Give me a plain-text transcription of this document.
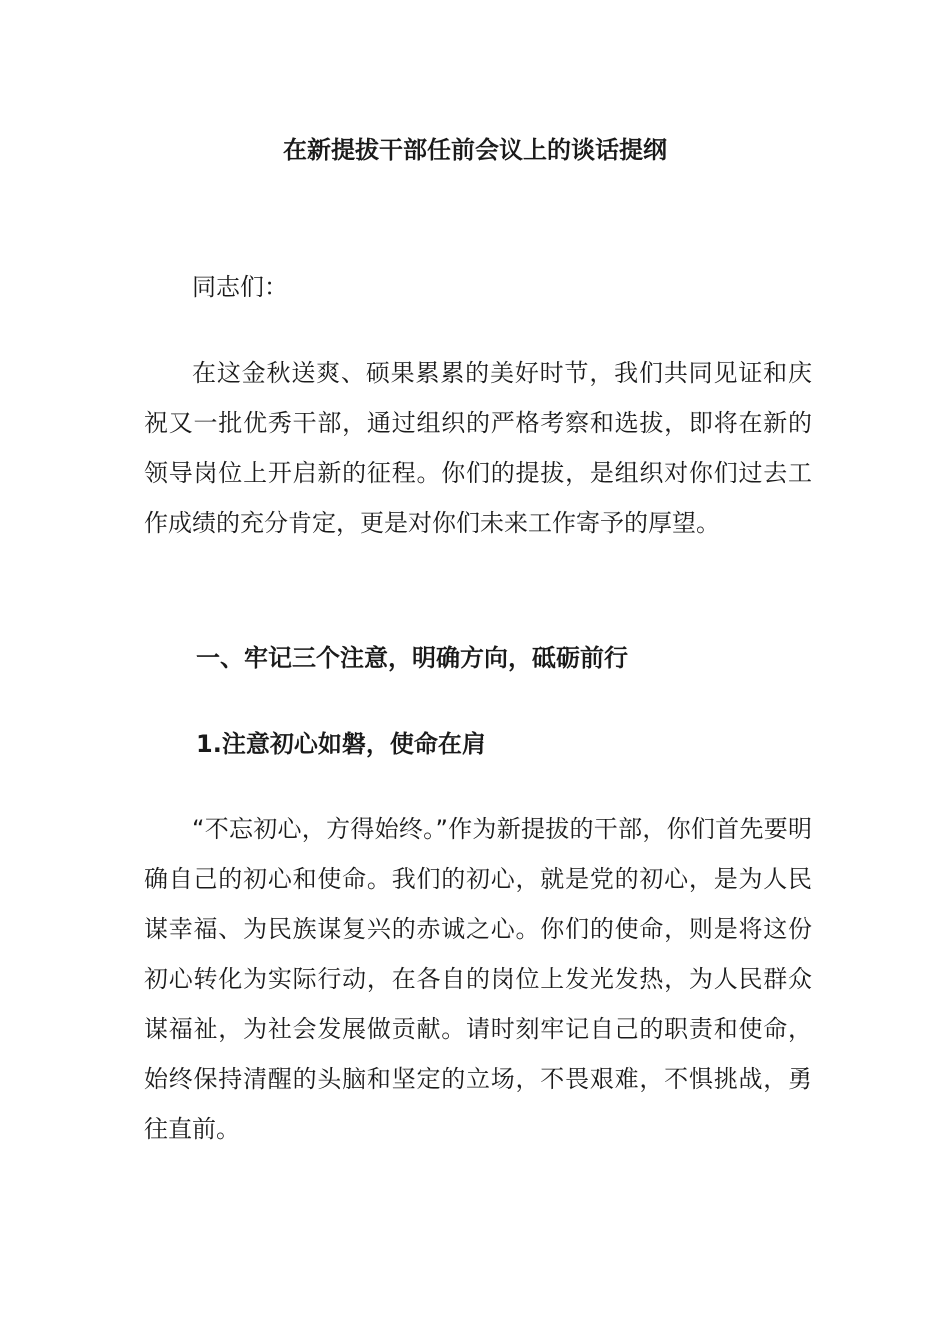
在新提拔干部任前会议上的谈话提纲

同志们：

在这金秋送爽、硕果累累的美好时节，我们共同见证和庆祝又一批优秀干部，通过组织的严格考察和选拔，即将在新的领导岗位上开启新的征程。你们的提拔，是组织对你们过去工作成绩的充分肯定，更是对你们未来工作寄予的厚望。

一、牢记三个注意，明确方向，砥砺前行
1.注意初心如磐，使命在肩

“不忘初心，方得始终。”作为新提拔的干部，你们首先要明确自己的初心和使命。我们的初心，就是党的初心，是为人民谋幸福、为民族谋复兴的赤诚之心。你们的使命，则是将这份初心转化为实际行动，在各自的岗位上发光发热，为人民群众谋福祉，为社会发展做贡献。请时刻牢记自己的职责和使命，始终保持清醒的头脑和坚定的立场，不畏艰难，不惧挑战，勇往直前。
